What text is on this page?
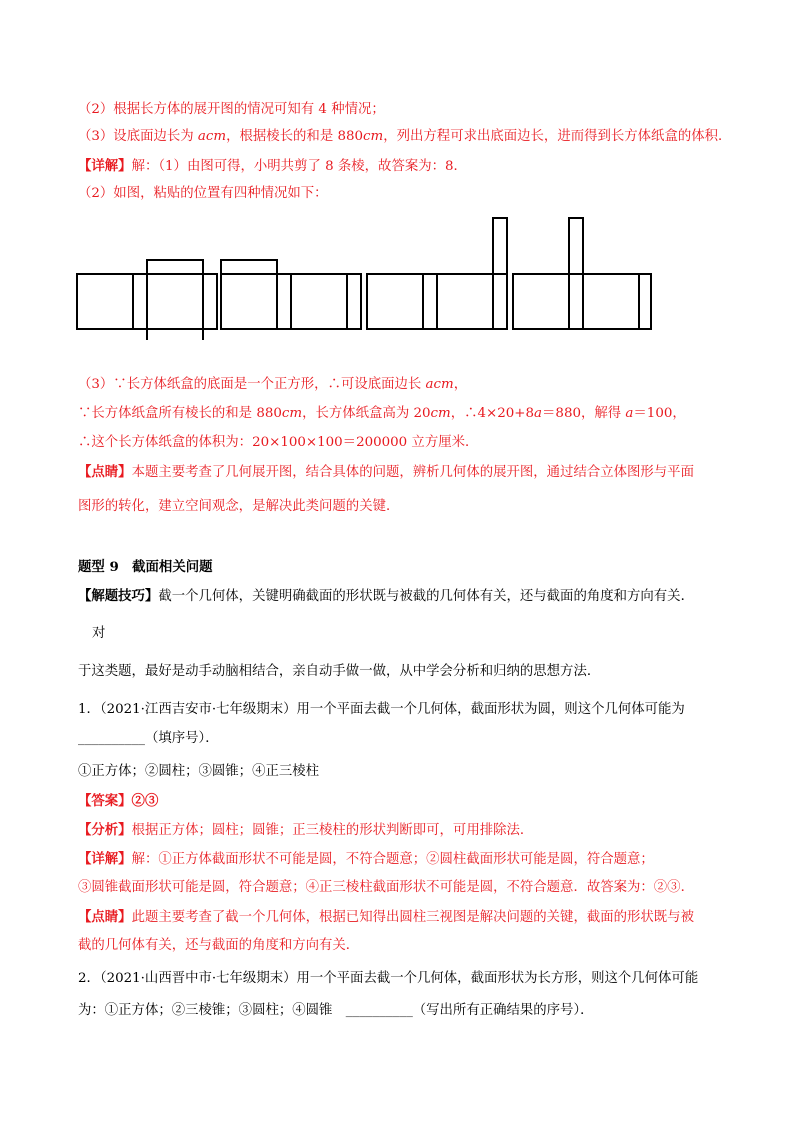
（2）根据长方体的展开图的情况可知有 4 种情况；
（3）设底面边长为 acm，根据棱长的和是 880cm，列出方程可求出底面边长，进而得到长方体纸盒的体积．
【详解】解：（1）由图可得，小明共剪了 8 条棱，故答案为：8．
（2）如图，粘贴的位置有四种情况如下：
（3）∵长方体纸盒的底面是一个正方形，∴可设底面边长 acm，
∵长方体纸盒所有棱长的和是 880cm，长方体纸盒高为 20cm，∴4×20+8a＝880，解得 a＝100，
∴这个长方体纸盒的体积为：20×100×100＝200000 立方厘米．
【点睛】本题主要考查了几何展开图，结合具体的问题，辨析几何体的展开图，通过结合立体图形与平面
图形的转化，建立空间观念，是解决此类问题的关键．
题型 9　截面相关问题
【解题技巧】截一个几何体，关键明确截面的形状既与被截的几何体有关，还与截面的角度和方向有关．
对
于这类题，最好是动手动脑相结合，亲自动手做一做，从中学会分析和归纳的思想方法．
1．（2021·江西吉安市·七年级期末）用一个平面去截一个几何体，截面形状为圆，则这个几何体可能为
__________（填序号）．
①正方体；②圆柱；③圆锥；④正三棱柱
【答案】②③
【分析】根据正方体；圆柱；圆锥；正三棱柱的形状判断即可，可用排除法．
【详解】解：①正方体截面形状不可能是圆，不符合题意；②圆柱截面形状可能是圆，符合题意；
③圆锥截面形状可能是圆，符合题意；④正三棱柱截面形状不可能是圆，不符合题意．故答案为：②③．
【点睛】此题主要考查了截一个几何体，根据已知得出圆柱三视图是解决问题的关键，截面的形状既与被
截的几何体有关，还与截面的角度和方向有关．
2．（2021·山西晋中市·七年级期末）用一个平面去截一个几何体，截面形状为长方形，则这个几何体可能
为：①正方体；②三棱锥；③圆柱；④圆锥　__________（写出所有正确结果的序号）．
